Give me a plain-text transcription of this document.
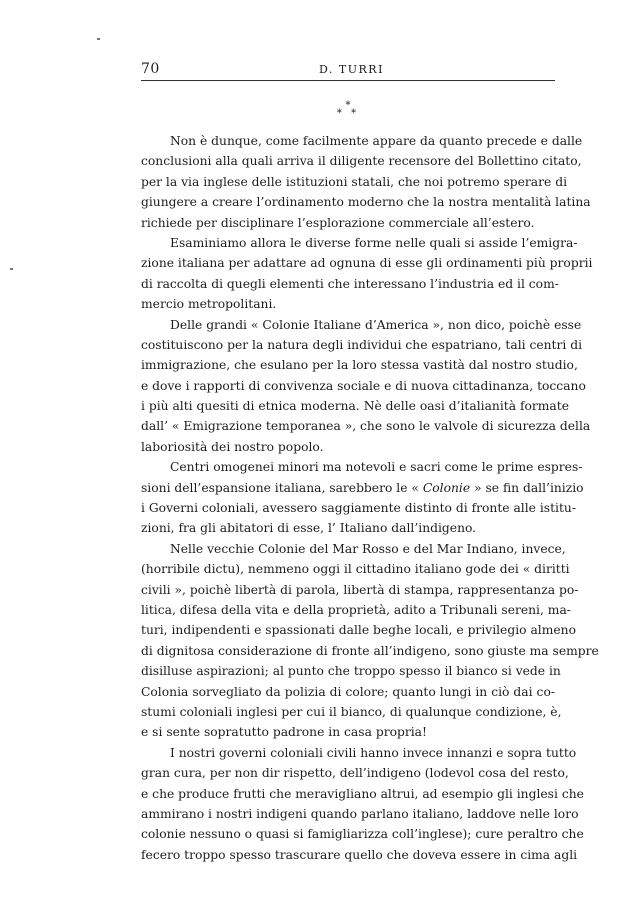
70	D. TURRI
*
* *
Non è dunque, come facilmente appare da quanto precede e dalle
conclusioni alla quali arriva il diligente recensore del Bollettino citato,
per la via inglese delle istituzioni statali, che noi potremo sperare di
giungere a creare l’ordinamento moderno che la nostra mentalità latina
richiede per disciplinare l’esplorazione commerciale all’estero.
Esaminiamo allora le diverse forme nelle quali si asside l’emigra-
zione italiana per adattare ad ognuna di esse gli ordinamenti più proprii
di raccolta di quegli elementi che interessano l’industria ed il com-
mercio metropolitani.
Delle grandi « Colonie Italiane d’America », non dico, poichè esse
costituiscono per la natura degli individui che espatriano, tali centri di
immigrazione, che esulano per la loro stessa vastità dal nostro studio,
e dove i rapporti di convivenza sociale e di nuova cittadinanza, toccano
i più alti quesiti di etnica moderna. Nè delle oasi d’italianità formate
dall’ « Emigrazione temporanea », che sono le valvole di sicurezza della
laboriosità dei nostro popolo.
Centri omogenei minori ma notevoli e sacri come le prime espres-
sioni dell’espansione italiana, sarebbero le « Colonie » se fin dall’inizio
i Governi coloniali, avessero saggiamente distinto di fronte alle istitu-
zioni, fra gli abitatori di esse, l’ Italiano dall’indigeno.
Nelle vecchie Colonie del Mar Rosso e del Mar Indiano, invece,
(horribile dictu), nemmeno oggi il cittadino italiano gode dei « diritti
civili », poichè libertà di parola, libertà di stampa, rappresentanza po-
litica, difesa della vita e della proprietà, adito a Tribunali sereni, ma-
turi, indipendenti e spassionati dalle beghe locali, e privilegio almeno
di dignitosa considerazione di fronte all’indigeno, sono giuste ma sempre
disilluse aspirazioni; al punto che troppo spesso il bianco si vede in
Colonia sorvegliato da polizia di colore; quanto lungi in ciò dai co-
stumi coloniali inglesi per cui il bianco, di qualunque condizione, è,
e si sente sopratutto padrone in casa propria!
I nostri governi coloniali civili hanno invece innanzi e sopra tutto
gran cura, per non dir rispetto, dell’indigeno (lodevol cosa del resto,
e che produce frutti che meravigliano altrui, ad esempio gli inglesi che
ammirano i nostri indigeni quando parlano italiano, laddove nelle loro
colonie nessuno o quasi si famigliarizza coll’inglese); cure peraltro che
fecero troppo spesso trascurare quello che doveva essere in cima agli
